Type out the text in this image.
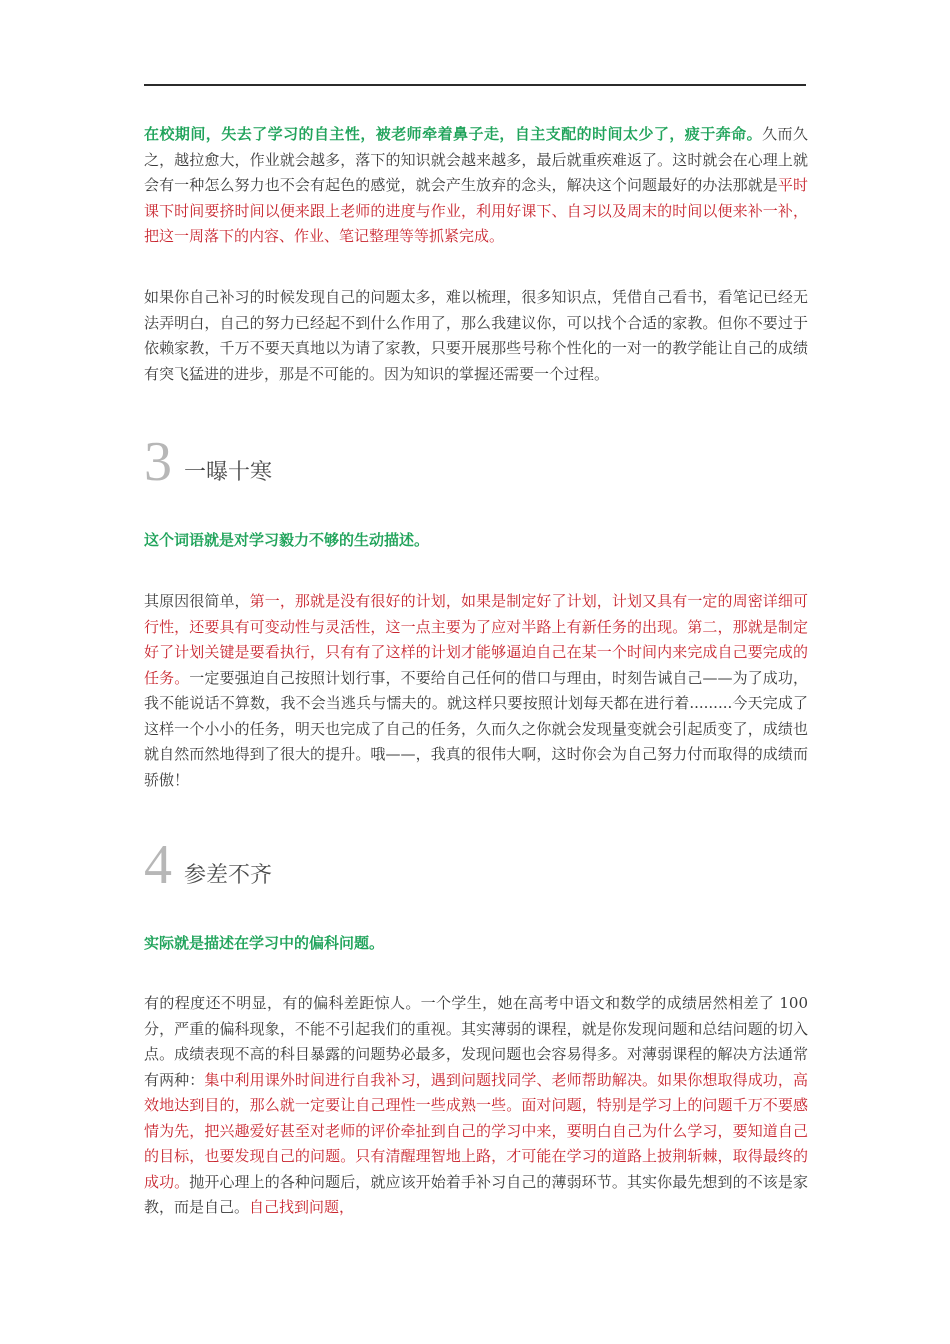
在校期间，失去了学习的自主性，被老师牵着鼻子走，自主支配的时间太少了，疲于奔命。久而久之，越拉愈大，作业就会越多，落下的知识就会越来越多，最后就重疾难返了。这时就会在心理上就会有一种怎么努力也不会有起色的感觉，就会产生放弃的念头，解决这个问题最好的办法那就是平时课下时间要挤时间以便来跟上老师的进度与作业，利用好课下、自习以及周末的时间以便来补一补，把这一周落下的内容、作业、笔记整理等等抓紧完成。
如果你自己补习的时候发现自己的问题太多，难以梳理，很多知识点，凭借自己看书，看笔记已经无法弄明白，自己的努力已经起不到什么作用了，那么我建议你，可以找个合适的家教。但你不要过于依赖家教，千万不要天真地以为请了家教，只要开展那些号称个性化的一对一的教学能让自己的成绩有突飞猛进的进步，那是不可能的。因为知识的掌握还需要一个过程。
3 一曝十寒
这个词语就是对学习毅力不够的生动描述。
其原因很简单，第一，那就是没有很好的计划，如果是制定好了计划，计划又具有一定的周密详细可行性，还要具有可变动性与灵活性，这一点主要为了应对半路上有新任务的出现。第二，那就是制定好了计划关键是要看执行，只有有了这样的计划才能够逼迫自己在某一个时间内来完成自己要完成的任务。一定要强迫自己按照计划行事，不要给自己任何的借口与理由，时刻告诫自己——为了成功，我不能说话不算数，我不会当逃兵与懦夫的。就这样只要按照计划每天都在进行着.........今天完成了这样一个小小的任务，明天也完成了自己的任务，久而久之你就会发现量变就会引起质变了，成绩也就自然而然地得到了很大的提升。哦——，我真的很伟大啊，这时你会为自己努力付而取得的成绩而骄傲！
4 参差不齐
实际就是描述在学习中的偏科问题。
有的程度还不明显，有的偏科差距惊人。一个学生，她在高考中语文和数学的成绩居然相差了 100 分，严重的偏科现象，不能不引起我们的重视。其实薄弱的课程，就是你发现问题和总结问题的切入点。成绩表现不高的科目暴露的问题势必最多，发现问题也会容易得多。对薄弱课程的解决方法通常有两种：集中利用课外时间进行自我补习，遇到问题找同学、老师帮助解决。如果你想取得成功，高效地达到目的，那么就一定要让自己理性一些成熟一些。面对问题，特别是学习上的问题千万不要感情为先，把兴趣爱好甚至对老师的评价牵扯到自己的学习中来，要明白自己为什么学习，要知道自己的目标，也要发现自己的问题。只有清醒理智地上路，才可能在学习的道路上披荆斩棘，取得最终的成功。抛开心理上的各种问题后，就应该开始着手补习自己的薄弱环节。其实你最先想到的不该是家教，而是自己。自己找到问题，
